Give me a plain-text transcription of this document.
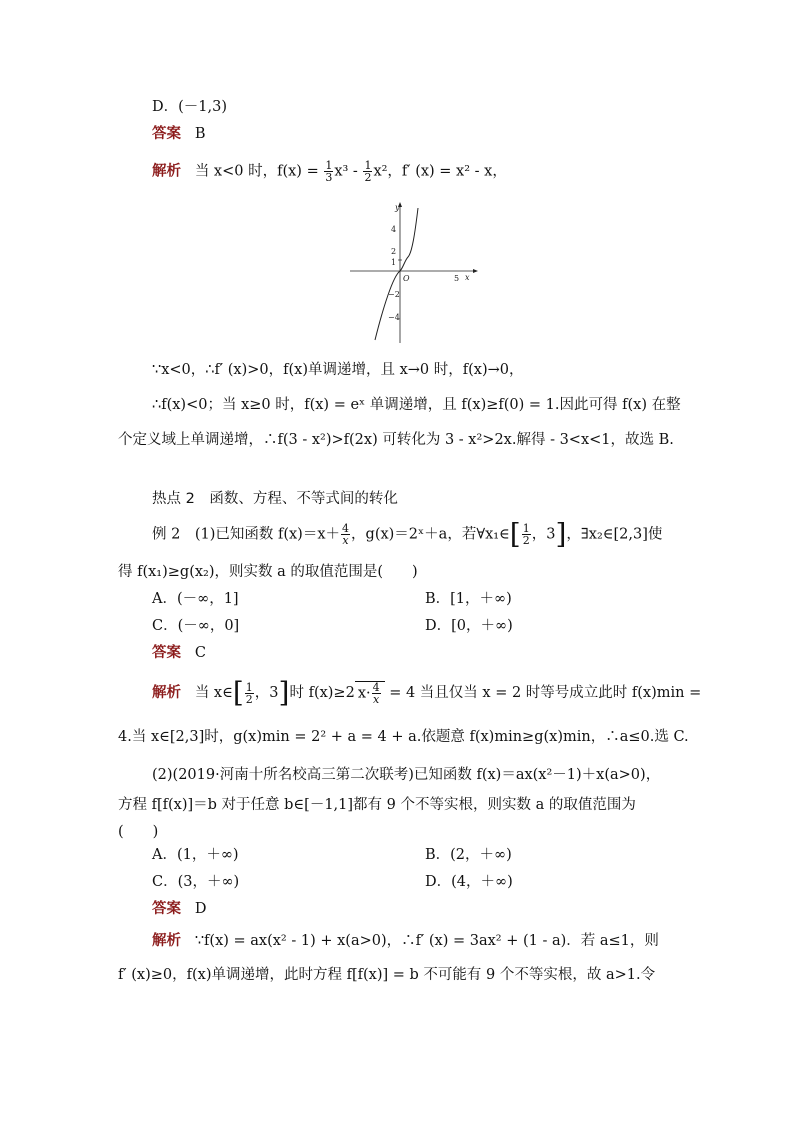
D．(－1,3)
答案 B
解析 当 x<0 时，$f(x) = \frac{1}{3} x^3 - \frac{1}{2} x^2$，f′ (x) = x² - x，
y
x
O	5
4
2
1
−2
−4
∵x<0，∴f′ (x)>0，f(x)单调递增，且 x→0 时，f(x)→0，
∴f(x)<0；当 x≥0 时，f(x) = eˣ 单调递增，且 f(x)≥f(0) = 1.因此可得 f(x) 在整
个定义域上单调递增，∴f(3 - x²)>f(2x) 可转化为 3 - x²>2x.解得 - 3<x<1，故选 B.
热点 2　函数、方程、不等式间的转化
例 2　(1)已知函数 $f(x)=x+ \frac{4}{x}$ ，g(x)＝2ˣ＋a，若∀x₁∈[ $\frac{1}{2}$ ，3]，∃x₂∈[2,3]使
得 f(x₁)≥g(x₂)，则实数 a 的取值范围是(　　)
A．(－∞，1]	B．[1，＋∞)
C．(－∞，0]	D．[0，＋∞)
答案 C
解析 当 x∈[ $\frac{1}{2}$ ，3]时 f(x)≥2 $x\cdot \frac{4}{x} = 4$ 当且仅当 x = 2 时等号成立此时 f(x)min =
4.当 x∈[2,3]时，g(x)min = 2² + a = 4 + a.依题意 f(x)min≥g(x)min，∴a≤0.选 C.
(2)(2019·河南十所名校高三第二次联考)已知函数 f(x)＝ax(x²－1)＋x(a>0)，
方程 f[f(x)]＝b 对于任意 b∈[－1,1]都有 9 个不等实根，则实数 a 的取值范围为
(　　)
A．(1，＋∞)	B．(2，＋∞)
C．(3，＋∞)	D．(4，＋∞)
答案 D
解析 ∵f(x) = ax(x² - 1) + x(a>0)，∴f′ (x) = 3ax² + (1 - a)．若 a≤1，则
f′ (x)≥0，f(x)单调递增，此时方程 f[f(x)] = b 不可能有 9 个不等实根，故 a>1.令
